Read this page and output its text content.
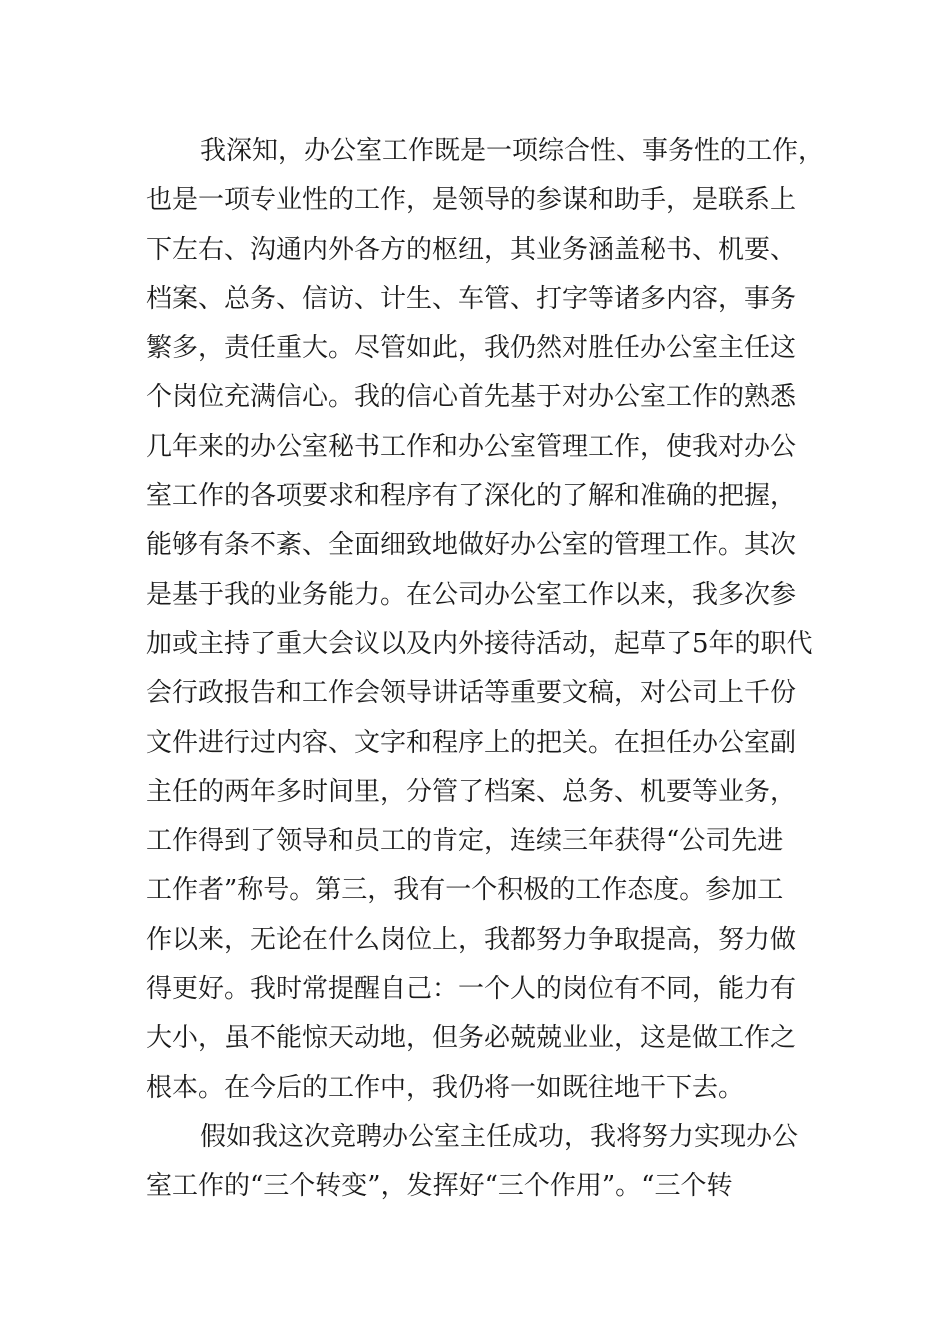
我深知，办公室工作既是一项综合性、事务性的工作，
也是一项专业性的工作，是领导的参谋和助手，是联系上
下左右、沟通内外各方的枢纽，其业务涵盖秘书、机要、
档案、总务、信访、计生、车管、打字等诸多内容，事务
繁多，责任重大。尽管如此，我仍然对胜任办公室主任这
个岗位充满信心。我的信心首先基于对办公室工作的熟悉
几年来的办公室秘书工作和办公室管理工作，使我对办公
室工作的各项要求和程序有了深化的了解和准确的把握，
能够有条不紊、全面细致地做好办公室的管理工作。其次
是基于我的业务能力。在公司办公室工作以来，我多次参
加或主持了重大会议以及内外接待活动，起草了5年的职代
会行政报告和工作会领导讲话等重要文稿，对公司上千份
文件进行过内容、文字和程序上的把关。在担任办公室副
主任的两年多时间里，分管了档案、总务、机要等业务，
工作得到了领导和员工的肯定，连续三年获得“公司先进
工作者”称号。第三，我有一个积极的工作态度。参加工
作以来，无论在什么岗位上，我都努力争取提高，努力做
得更好。我时常提醒自己：一个人的岗位有不同，能力有
大小，虽不能惊天动地，但务必兢兢业业，这是做工作之
根本。在今后的工作中，我仍将一如既往地干下去。
假如我这次竞聘办公室主任成功，我将努力实现办公
室工作的“三个转变”，发挥好“三个作用”。“三个转
